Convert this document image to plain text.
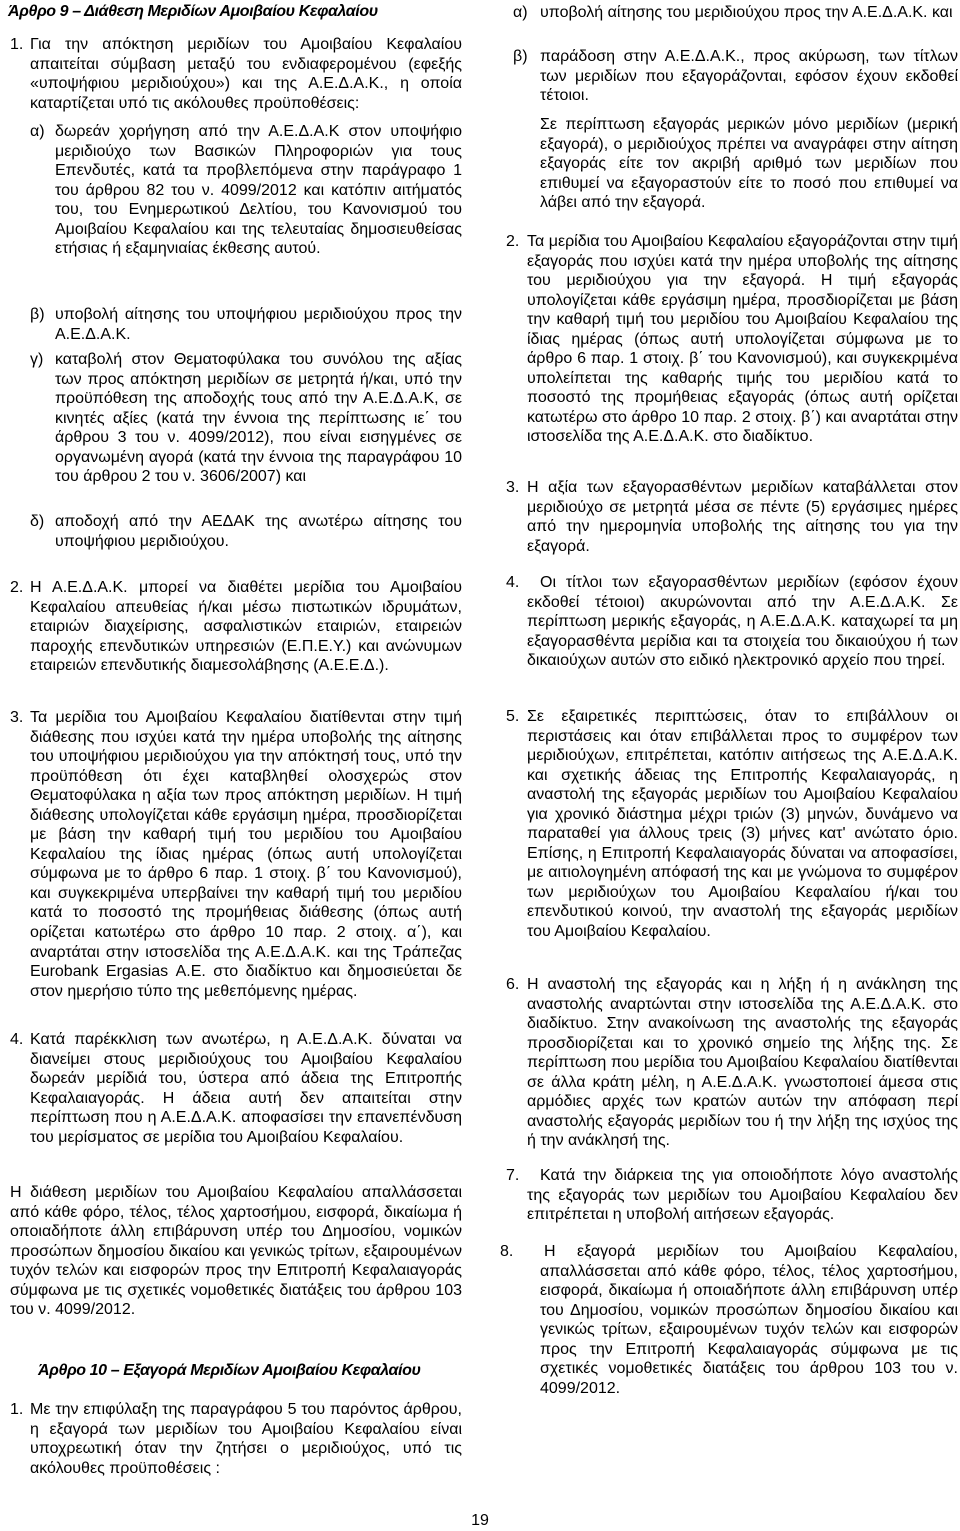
Άρθρο 9 – Διάθεση Μεριδίων Αμοιβαίου Κεφαλαίου
1. Για την απόκτηση μεριδίων του Αμοιβαίου Κεφαλαίου απαιτείται σύμβαση μεταξύ του ενδιαφερομένου (εφεξής «υποψήφιου μεριδιούχου») και της Α.Ε.Δ.Α.Κ., η οποία καταρτίζεται υπό τις ακόλουθες προϋποθέσεις:
α) δωρεάν χορήγηση από την Α.Ε.Δ.Α.Κ στον υποψήφιο μεριδιούχο των Βασικών Πληροφοριών για τους Επενδυτές, κατά τα προβλεπόμενα στην παράγραφο 1 του άρθρου 82 του ν. 4099/2012 και κατόπιν αιτήματός του, του Ενημερωτικού Δελτίου, του Κανονισμού του Αμοιβαίου Κεφαλαίου και της τελευταίας δημοσιευθείσας ετήσιας ή εξαμηνιαίας έκθεσης αυτού.
β) υποβολή αίτησης του υποψήφιου μεριδιούχου προς την Α.Ε.Δ.Α.Κ.
γ) καταβολή στον Θεματοφύλακα του συνόλου της αξίας των προς απόκτηση μεριδίων σε μετρητά ή/και, υπό την προϋπόθεση της αποδοχής τους από την Α.Ε.Δ.Α.Κ, σε κινητές αξίες (κατά την έννοια της περίπτωσης ιε΄ του άρθρου 3 του ν. 4099/2012), που είναι εισηγμένες σε οργανωμένη αγορά (κατά την έννοια της παραγράφου 10 του άρθρου 2 του ν. 3606/2007) και
δ) αποδοχή από την ΑΕΔΑΚ της ανωτέρω αίτησης του υποψήφιου μεριδιούχου.
2. Η Α.Ε.Δ.Α.Κ. μπορεί να διαθέτει μερίδια του Αμοιβαίου Κεφαλαίου απευθείας ή/και μέσω πιστωτικών ιδρυμάτων, εταιριών διαχείρισης, ασφαλιστικών εταιριών, εταιρειών παροχής επενδυτικών υπηρεσιών (Ε.Π.Ε.Υ.) και ανώνυμων εταιρειών επενδυτικής διαμεσολάβησης (Α.Ε.Ε.Δ.).
3. Τα μερίδια του Αμοιβαίου Κεφαλαίου διατίθενται στην τιμή διάθεσης που ισχύει κατά την ημέρα υποβολής της αίτησης του υποψήφιου μεριδιούχου για την απόκτησή τους, υπό την προϋπόθεση ότι έχει καταβληθεί ολοσχερώς στον Θεματοφύλακα η αξία των προς απόκτηση μεριδίων. Η τιμή διάθεσης υπολογίζεται κάθε εργάσιμη ημέρα, προσδιορίζεται με βάση την καθαρή τιμή του μεριδίου του Αμοιβαίου Κεφαλαίου της ίδιας ημέρας (όπως αυτή υπολογίζεται σύμφωνα με το άρθρο 6 παρ. 1 στοιχ. β΄ του Κανονισμού), και συγκεκριμένα υπερβαίνει την καθαρή τιμή του μεριδίου κατά το ποσοστό της προμήθειας διάθεσης (όπως αυτή ορίζεται κατωτέρω στο άρθρο 10 παρ. 2 στοιχ. α΄), και αναρτάται στην ιστοσελίδα της Α.Ε.Δ.Α.Κ. και της Τράπεζας Eurobank Ergasias Α.Ε. στο διαδίκτυο και δημοσιεύεται δε στον ημερήσιο τύπο της μεθεπόμενης ημέρας.
4. Κατά παρέκκλιση των ανωτέρω, η Α.Ε.Δ.Α.Κ. δύναται να διανείμει στους μεριδιούχους του Αμοιβαίου Κεφαλαίου δωρεάν μερίδιά του, ύστερα από άδεια της Επιτροπής Κεφαλαιαγοράς. Η άδεια αυτή δεν απαιτείται στην περίπτωση που η Α.Ε.Δ.Α.Κ. αποφασίσει την επανεπένδυση του μερίσματος σε μερίδια του Αμοιβαίου Κεφαλαίου.
Η διάθεση μεριδίων του Αμοιβαίου Κεφαλαίου απαλλάσσεται από κάθε φόρο, τέλος, τέλος χαρτοσήμου, εισφορά, δικαίωμα ή οποιαδήποτε άλλη επιβάρυνση υπέρ του Δημοσίου, νομικών προσώπων δημοσίου δικαίου και γενικώς τρίτων, εξαιρουμένων τυχόν τελών και εισφορών προς την Επιτροπή Κεφαλαιαγοράς σύμφωνα με τις σχετικές νομοθετικές διατάξεις του άρθρου 103 του ν. 4099/2012.
Άρθρο 10 – Εξαγορά Μεριδίων Αμοιβαίου Κεφαλαίου
1. Με την επιφύλαξη της παραγράφου 5 του παρόντος άρθρου, η εξαγορά των μεριδίων του Αμοιβαίου Κεφαλαίου είναι υποχρεωτική όταν την ζητήσει ο μεριδιούχος, υπό τις ακόλουθες προϋποθέσεις :
α) υποβολή αίτησης του μεριδιούχου προς την Α.Ε.Δ.Α.Κ. και
β) παράδοση στην Α.Ε.Δ.Α.Κ., προς ακύρωση, των τίτλων των μεριδίων που εξαγοράζονται, εφόσον έχουν εκδοθεί τέτοιοι.
Σε περίπτωση εξαγοράς μερικών μόνο μεριδίων (μερική εξαγορά), ο μεριδιούχος πρέπει να αναγράφει στην αίτηση εξαγοράς είτε τον ακριβή αριθμό των μεριδίων που επιθυμεί να εξαγοραστούν είτε το ποσό που επιθυμεί να λάβει από την εξαγορά.
2. Τα μερίδια του Αμοιβαίου Κεφαλαίου εξαγοράζονται στην τιμή εξαγοράς που ισχύει κατά την ημέρα υποβολής της αίτησης του μεριδιούχου για την εξαγορά. Η τιμή εξαγοράς υπολογίζεται κάθε εργάσιμη ημέρα, προσδιορίζεται με βάση την καθαρή τιμή του μεριδίου του Αμοιβαίου Κεφαλαίου της ίδιας ημέρας (όπως αυτή υπολογίζεται σύμφωνα με το άρθρο 6 παρ. 1 στοιχ. β΄ του Κανονισμού), και συγκεκριμένα υπολείπεται της καθαρής τιμής του μεριδίου κατά το ποσοστό της προμήθειας εξαγοράς (όπως αυτή ορίζεται κατωτέρω στο άρθρο 10 παρ. 2 στοιχ. β΄) και αναρτάται στην ιστοσελίδα της Α.Ε.Δ.Α.Κ. στο διαδίκτυο.
3. Η αξία των εξαγορασθέντων μεριδίων καταβάλλεται στον μεριδιούχο σε μετρητά μέσα σε πέντε (5) εργάσιμες ημέρες από την ημερομηνία υποβολής της αίτησης του για την εξαγορά.
4.	Οι τίτλοι των εξαγορασθέντων μεριδίων (εφόσον έχουν εκδοθεί τέτοιοι) ακυρώνονται από την Α.Ε.Δ.Α.Κ. Σε περίπτωση μερικής εξαγοράς, η Α.Ε.Δ.Α.Κ. καταχωρεί τα μη εξαγορασθέντα μερίδια και τα στοιχεία του δικαιούχου ή των δικαιούχων αυτών στο ειδικό ηλεκτρονικό αρχείο που τηρεί.
5. Σε εξαιρετικές περιπτώσεις, όταν το επιβάλλουν οι περιστάσεις και όταν επιβάλλεται προς το συμφέρον των μεριδιούχων, επιτρέπεται, κατόπιν αιτήσεως της Α.Ε.Δ.Α.Κ. και σχετικής άδειας της Επιτροπής Κεφαλαιαγοράς, η αναστολή της εξαγοράς μεριδίων του Αμοιβαίου Κεφαλαίου για χρονικό διάστημα μέχρι τριών (3) μηνών, δυνάμενο να παραταθεί για άλλους τρεις (3) μήνες κατ' ανώτατο όριο. Επίσης, η Επιτροπή Κεφαλαιαγοράς δύναται να αποφασίσει, με αιτιολογημένη απόφασή της και με γνώμονα το συμφέρον των μεριδιούχων του Αμοιβαίου Κεφαλαίου ή/και του επενδυτικού κοινού, την αναστολή της εξαγοράς μεριδίων του Αμοιβαίου Κεφαλαίου.
6. Η αναστολή της εξαγοράς και η λήξη ή η ανάκληση της αναστολής αναρτώνται στην ιστοσελίδα της Α.Ε.Δ.Α.Κ. στο διαδίκτυο. Στην ανακοίνωση της αναστολής της εξαγοράς προσδιορίζεται και το χρονικό σημείο της λήξης της. Σε περίπτωση που μερίδια του Αμοιβαίου Κεφαλαίου διατίθενται σε άλλα κράτη μέλη, η Α.Ε.Δ.Α.Κ. γνωστοποιεί άμεσα στις αρμόδιες αρχές των κρατών αυτών την απόφαση περί αναστολής εξαγοράς μεριδίων του ή την λήξη της ισχύος της ή την ανάκλησή της.
7.	Κατά την διάρκεια της για οποιοδήποτε λόγο αναστολής της εξαγοράς των μεριδίων του Αμοιβαίου Κεφαλαίου δεν επιτρέπεται η υποβολή αιτήσεων εξαγοράς.
8. Η εξαγορά μεριδίων του Αμοιβαίου Κεφαλαίου, απαλλάσσεται από κάθε φόρο, τέλος, τέλος χαρτοσήμου, εισφορά, δικαίωμα ή οποιαδήποτε άλλη επιβάρυνση υπέρ του Δημοσίου, νομικών προσώπων δημοσίου δικαίου και γενικώς τρίτων, εξαιρουμένων τυχόν τελών και εισφορών προς την Επιτροπή Κεφαλαιαγοράς σύμφωνα με τις σχετικές νομοθετικές διατάξεις του άρθρου 103 του ν. 4099/2012.
19
